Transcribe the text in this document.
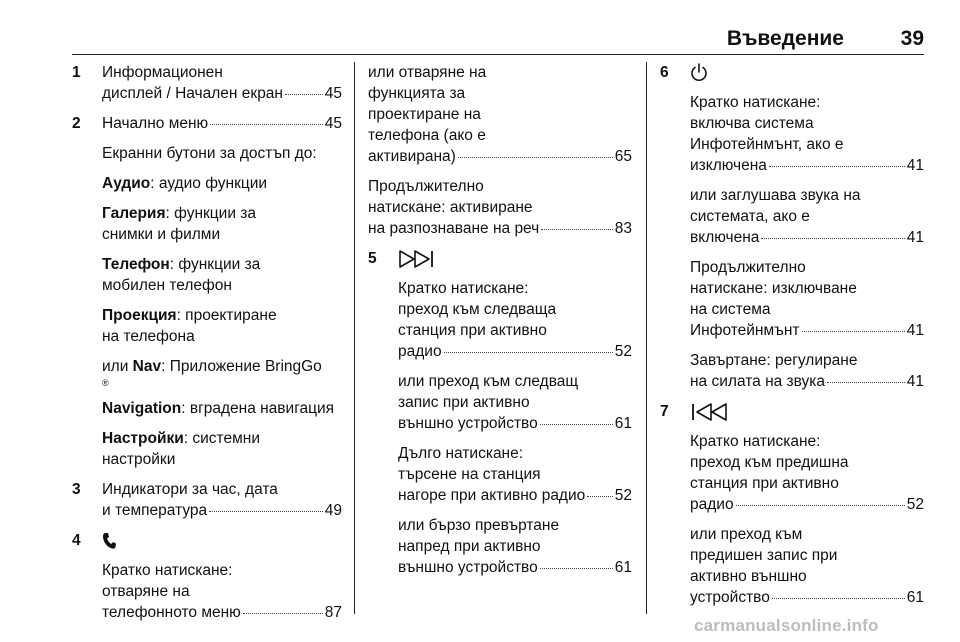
Въведение	39
1	Информационен
дисплей / Начален екран	45
2	Начално меню	45
Екранни бутони за достъп до:
Аудио: аудио функции
Галерия: функции за
снимки и филми
Телефон: функции за
мобилен телефон
Проекция: проектиране
на телефона
или Nav: Приложение BringGo
®
Navigation: вградена навигация
Настройки: системни
настройки
3	Индикатори за час, дата
и температура	49
4
Кратко натискане:
отваряне на
телефонното меню	87
или отваряне на
функцията за
проектиране на
телефона (ако е
активирана)	65
Продължително
натискане: активиране
на разпознаване на реч	83
5
Кратко натискане:
преход към следваща
станция при активно
радио	52
или преход към следващ
запис при активно
външно устройство	61
Дълго натискане:
търсене на станция
нагоре при активно радио 52
или бързо превъртане
напред при активно
външно устройство	61
6
Кратко натискане:
включва система
Инфотейнмънт, ако е
изключена	41
или заглушава звука на
системата, ако е
включена	41
Продължително
натискане: изключване
на система
Инфотейнмънт	41
Завъртане: регулиране
на силата на звука	41
7
Кратко натискане:
преход към предишна
станция при активно
радио	52
или преход към
предишен запис при
активно външно
устройство	61
carmanualsonline.info
